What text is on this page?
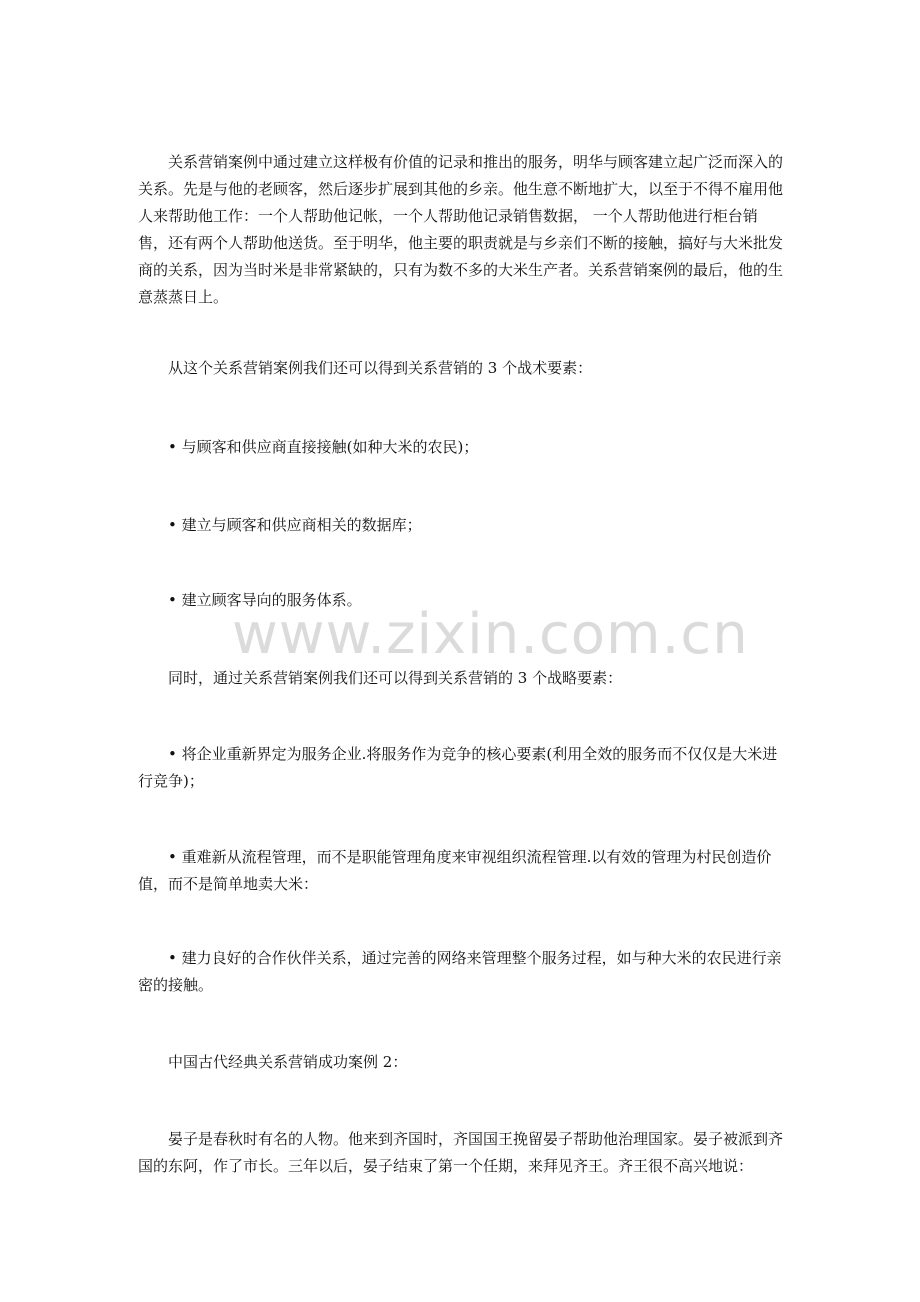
　　关系营销案例中通过建立这样极有价值的记录和推出的服务，明华与顾客建立起广泛而深入的关系。先是与他的老顾客，然后逐步扩展到其他的乡亲。他生意不断地扩大，以至于不得不雇用他人来帮助他工作：一个人帮助他记帐，一个人帮助他记录销售数据， 一个人帮助他进行柜台销售，还有两个人帮助他送货。至于明华，他主要的职责就是与乡亲们不断的接触，搞好与大米批发商的关系，因为当时米是非常紧缺的，只有为数不多的大米生产者。关系营销案例的最后，他的生意蒸蒸日上。

　　从这个关系营销案例我们还可以得到关系营销的 3 个战术要素：

　　• 与顾客和供应商直接接触(如种大米的农民)；

　　• 建立与顾客和供应商相关的数据库；

　　• 建立顾客导向的服务体系。

　　同时，通过关系营销案例我们还可以得到关系营销的 3 个战略要素：

　　• 将企业重新界定为服务企业.将服务作为竞争的核心要素(利用全效的服务而不仅仅是大米进行竞争)；

　　• 重难新从流程管理，而不是职能管理角度来审视组织流程管理.以有效的管理为村民创造价值，而不是简单地卖大米：

　　• 建力良好的合作伙伴关系，通过完善的网络来管理整个服务过程，如与种大米的农民进行亲密的接触。

　　中国古代经典关系营销成功案例 2：

　　晏子是春秋时有名的人物。他来到齐国时，齐国国王挽留晏子帮助他治理国家。晏子被派到齐国的东阿，作了市长。三年以后，晏子结束了第一个任期，来拜见齐王。齐王很不高兴地说：

www.zixin.com.cn
